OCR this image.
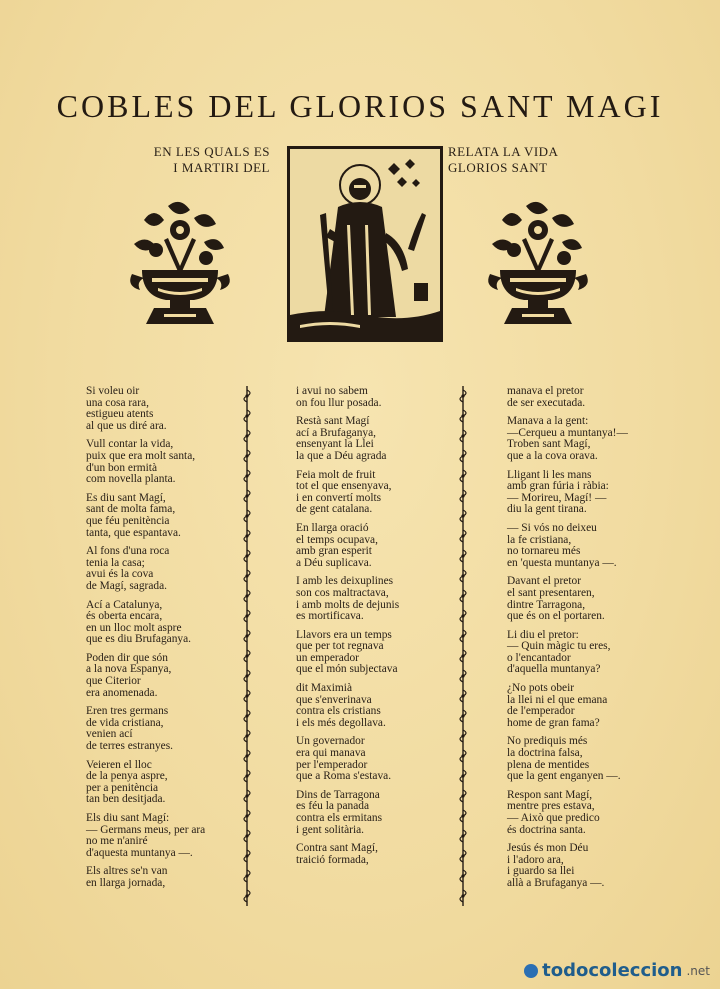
COBLES DEL GLORIOS SANT MAGI
EN LES QUALS ES
I MARTIRI DEL
RELATA LA VIDA
GLORIOS SANT
Si voleu oir
una cosa rara,
estigueu atents
al que us diré ara.
Vull contar la vida,
puix que era molt santa,
d'un bon ermità
com novella planta.
Es diu sant Magí,
sant de molta fama,
que féu penitència
tanta, que espantava.
Al fons d'una roca
tenia la casa;
avui és la cova
de Magí, sagrada.
Ací a Catalunya,
és oberta encara,
en un lloc molt aspre
que es diu Brufaganya.
Poden dir que són
a la nova Espanya,
que Citerior
era anomenada.
Eren tres germans
de vida cristiana,
venien ací
de terres estranyes.
Veieren el lloc
de la penya aspre,
per a penitència
tan ben desitjada.
Els diu sant Magí:
— Germans meus, per ara
no me n'aniré
d'aquesta muntanya —.
Els altres se'n van
en llarga jornada,
i avui no sabem
on fou llur posada.
Restà sant Magí
ací a Brufaganya,
ensenyant la Llei
la que a Déu agrada
Feia molt de fruit
tot el que ensenyava,
i en convertí molts
de gent catalana.
En llarga oració
el temps ocupava,
amb gran esperit
a Déu suplicava.
I amb les deixuplines
son cos maltractava,
i amb molts de dejunis
es mortificava.
Llavors era un temps
que per tot regnava
un emperador
que el món subjectava
dit Maximià
que s'enverinava
contra els cristians
i els més degollava.
Un governador
era qui manava
per l'emperador
que a Roma s'estava.
Dins de Tarragona
es féu la panada
contra els ermitans
i gent solitària.
Contra sant Magí,
traició formada,
manava el pretor
de ser executada.
Manava a la gent:
—Cerqueu a muntanya!—
Troben sant Magí,
que a la cova orava.
Lligant li les mans
amb gran fúria i ràbia:
— Morireu, Magí! —
diu la gent tirana.
— Si vós no deixeu
la fe cristiana,
no tornareu més
en 'questa muntanya —.
Davant el pretor
el sant presentaren,
dintre Tarragona,
que és on el portaren.
Li diu el pretor:
— Quin màgic tu eres,
o l'encantador
d'aquella muntanya?
¿No pots obeir
la llei ni el que emana
de l'emperador
home de gran fama?
No prediquis més
la doctrina falsa,
plena de mentides
que la gent enganyen —.
Respon sant Magí,
mentre pres estava,
— Això que predico
és doctrina santa.
Jesús és mon Déu
i l'adoro ara,
i guardo sa llei
allà a Brufaganya —.
todocoleccion .net
